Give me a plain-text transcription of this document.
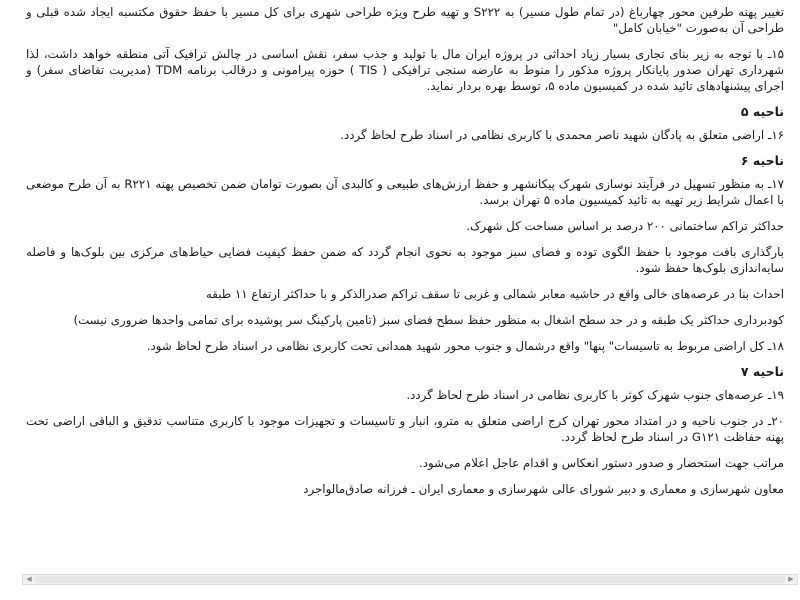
تغییر پهنه طرفین محور چهارباغ (در تمام طول مسیر) به S۲۲۲ و تهیه طرح ویژه طراحی شهری برای کل مسیر با حفظ حقوق مکتسبه ایجاد شده قبلی و طراحی آن به‌صورت "خیابان کامل"

۱۵ـ با توجه به زیر بنای تجاری بسیار زیاد احداثی در پروژه ایران مال با تولید و جذب سفر، نقش اساسی در چالش ترافیک آتی منطقه خواهد داشت، لذا شهرداری تهران صدور پایانکار پروژه مذکور را منوط به عارضه سنجی ترافیکی ( TIS ) حوزه پیرامونی و درقالب برنامه TDM (مدیریت تقاضای سفر) و اجرای پیشنهادهای تائید شده در کمیسیون ماده ۵، توسط بهره بردار نماید.

ناحیه ۵

۱۶ـ اراضی متعلق به پادگان شهید ناصر محمدی با کاربری نظامی در اسناد طرح لحاظ گردد.

ناحیه ۶

۱۷ـ به منظور تسهیل در فرآیند نوسازی شهرک پیکانشهر و حفظ ارزش‌های طبیعی و کالبدی آن بصورت توامان ضمن تخصیص پهنه R۲۲۱ به آن طرح موضعی با اعمال شرایط زیر تهیه به تائید کمیسیون ماده ۵ تهران برسد.

حداکثر تراکم ساختمانی ۲۰۰ درصد بر اساس مساحت کل شهرک.

بارگذاری بافت موجود با حفظ الگوی توده و فضای سبز موجود به نحوی انجام گردد که ضمن حفظ کیفیت فضایی حیاط‌های مرکزی بین بلوک‌ها و فاصله سایه‌اندازی بلوک‌ها حفظ شود.

احداث بنا در عرصه‌های خالی واقع در حاشیه معابر شمالی و غربی تا سقف تراکم صدرالذکر و با حداکثر ارتفاع ۱۱ طبقه

کودبرداری حداکثر یک طبقه و در حد سطح اشغال به منظور حفظ سطح فضای سبز (تامین پارکینگ سر پوشیده برای تمامی واحدها ضروری نیست)

۱۸ـ کل اراضی مربوط به تاسیسات" پنها" واقع درشمال و جنوب محور شهید همدانی تحت کاربری نظامی در اسناد طرح لحاظ شود.

ناحیه ۷

۱۹ـ عرصه‌های جنوب شهرک کوثر با کاربری نظامی در اسناد طرح لحاظ گردد.

۲۰ـ در جنوب ناحیه و در امتداد محور تهران کرج اراضی متعلق به مترو، انبار و تاسیسات و تجهیزات موجود با کاربری متناسب تدقیق و الباقی اراضی تحت پهنه حفاظت G۱۲۱ در اسناد طرح لحاظ گردد.

مراتب جهت استحضار و صدور دستور انعکاس و اقدام عاجل اعلام می‌شود.

معاون شهرسازی و معماری و دبیر شورای عالی شهرسازی و معماری ایران ـ فرزانه صادق‌مالواجرد

◀	▶
